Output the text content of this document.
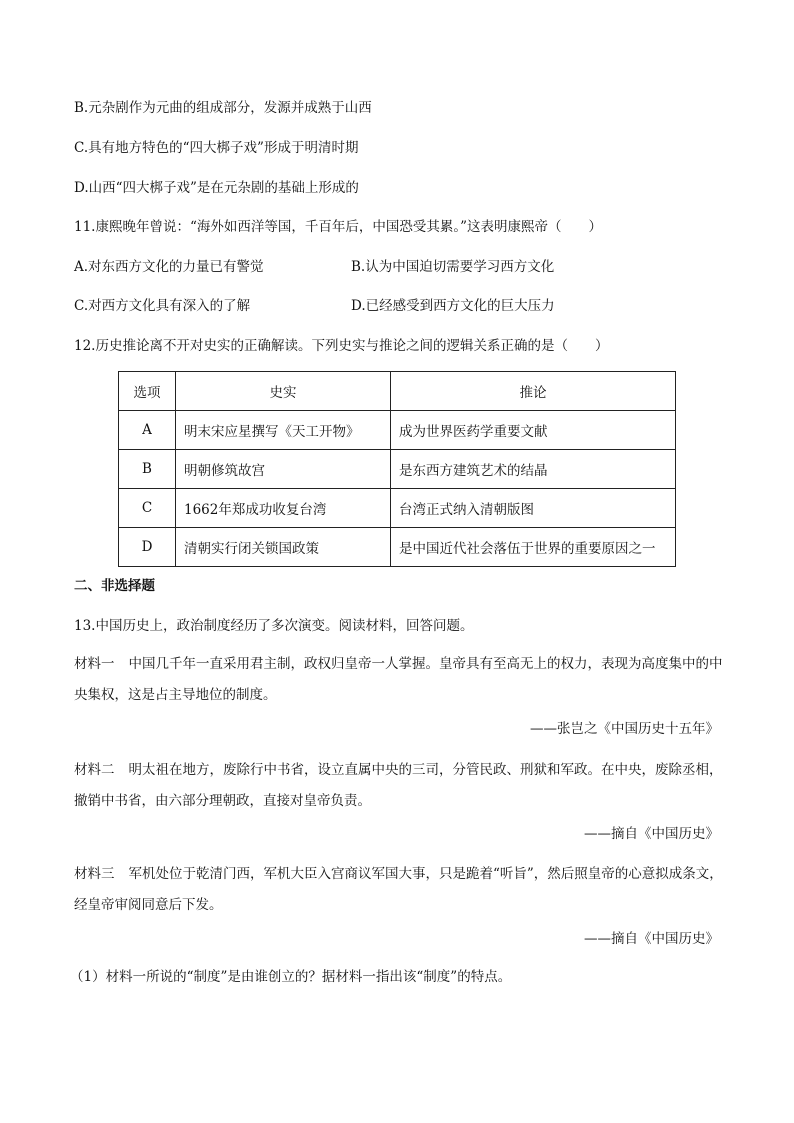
B.元杂剧作为元曲的组成部分，发源并成熟于山西
C.具有地方特色的“四大梆子戏”形成于明清时期
D.山西“四大梆子戏”是在元杂剧的基础上形成的
11.康熙晚年曾说：“海外如西洋等国，千百年后，中国恐受其累。”这表明康熙帝（　　）
A.对东西方文化的力量已有警觉	B.认为中国迫切需要学习西方文化
C.对西方文化具有深入的了解	D.已经感受到西方文化的巨大压力
12.历史推论离不开对史实的正确解读。下列史实与推论之间的逻辑关系正确的是（　　）
选项	史实	推论
A	明末宋应星撰写《天工开物》	成为世界医药学重要文献
B	明朝修筑故宫	是东西方建筑艺术的结晶
C	1662年郑成功收复台湾	台湾正式纳入清朝版图
D	清朝实行闭关锁国政策	是中国近代社会落伍于世界的重要原因之一
二、非选择题
13.中国历史上，政治制度经历了多次演变。阅读材料，回答问题。
材料一 中国几千年一直采用君主制，政权归皇帝一人掌握。皇帝具有至高无上的权力，表现为高度集中的中央集权，这是占主导地位的制度。
——张岂之《中国历史十五年》
材料二 明太祖在地方，废除行中书省，设立直属中央的三司，分管民政、刑狱和军政。在中央，废除丞相，撤销中书省，由六部分理朝政，直接对皇帝负责。
——摘自《中国历史》
材料三 军机处位于乾清门西，军机大臣入宫商议军国大事，只是跪着“听旨”，然后照皇帝的心意拟成条文，经皇帝审阅同意后下发。
——摘自《中国历史》
（1）材料一所说的“制度”是由谁创立的？据材料一指出该“制度”的特点。
